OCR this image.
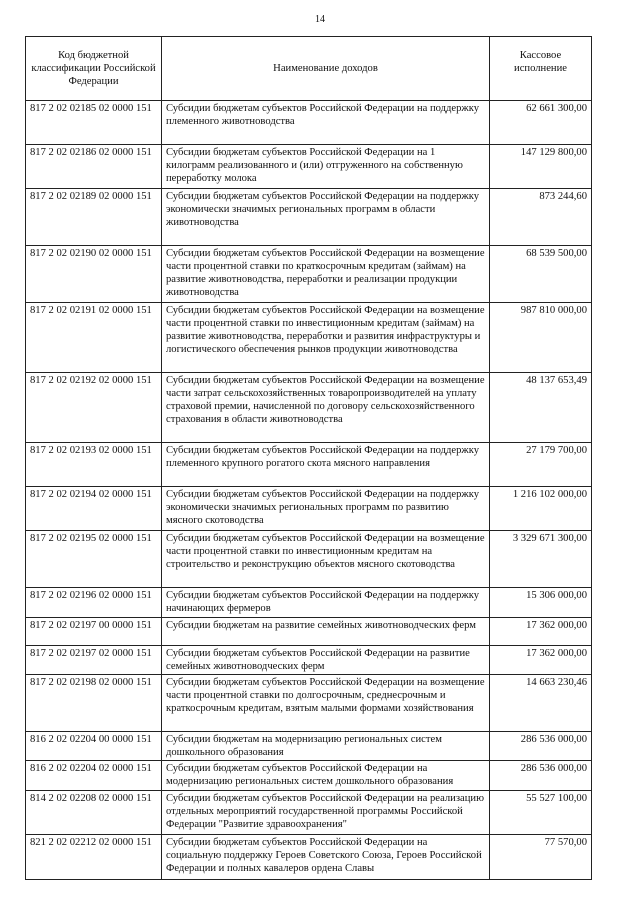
14
Код бюджетной классификации Российской Федерации	Наименование доходов	Кассовое исполнение
817 2 02 02185 02 0000 151	Субсидии бюджетам субъектов Российской Федерации на поддержку племенного животноводства	62 661 300,00
817 2 02 02186 02 0000 151	Субсидии бюджетам субъектов Российской Федерации на 1 килограмм реализованного и (или) отгруженного на собственную переработку молока	147 129 800,00
817 2 02 02189 02 0000 151	Субсидии бюджетам субъектов Российской Федерации на поддержку экономически значимых региональных программ в области животноводства	873 244,60
817 2 02 02190 02 0000 151	Субсидии бюджетам субъектов Российской Федерации на возмещение части процентной ставки по краткосрочным кредитам (займам) на развитие животноводства, переработки и реализации продукции животноводства	68 539 500,00
817 2 02 02191 02 0000 151	Субсидии бюджетам субъектов Российской Федерации на возмещение части процентной ставки по инвестиционным кредитам (займам) на развитие животноводства, переработки и развития инфраструктуры и логистического обеспечения рынков продукции животноводства	987 810 000,00
817 2 02 02192 02 0000 151	Субсидии бюджетам субъектов Российской Федерации на возмещение части затрат сельскохозяйственных товаропроизводителей на уплату страховой премии, начисленной по договору сельскохозяйственного страхования в области животноводства	48 137 653,49
817 2 02 02193 02 0000 151	Субсидии бюджетам субъектов Российской Федерации на поддержку племенного крупного рогатого скота мясного направления	27 179 700,00
817 2 02 02194 02 0000 151	Субсидии бюджетам субъектов Российской Федерации на поддержку экономически значимых региональных программ по развитию мясного скотоводства	1 216 102 000,00
817 2 02 02195 02 0000 151	Субсидии бюджетам субъектов Российской Федерации на возмещение части процентной ставки по инвестиционным кредитам на строительство и реконструкцию объектов мясного скотоводства	3 329 671 300,00
817 2 02 02196 02 0000 151	Субсидии бюджетам субъектов Российской Федерации на поддержку начинающих фермеров	15 306 000,00
817 2 02 02197 00 0000 151	Субсидии бюджетам на развитие семейных животноводческих ферм	17 362 000,00
817 2 02 02197 02 0000 151	Субсидии бюджетам субъектов Российской Федерации на развитие семейных животноводческих ферм	17 362 000,00
817 2 02 02198 02 0000 151	Субсидии бюджетам субъектов Российской Федерации на возмещение части процентной ставки по долгосрочным, среднесрочным и краткосрочным кредитам, взятым малыми формами хозяйствования	14 663 230,46
816 2 02 02204 00 0000 151	Субсидии бюджетам на модернизацию региональных систем дошкольного образования	286 536 000,00
816 2 02 02204 02 0000 151	Субсидии бюджетам субъектов Российской Федерации на модернизацию региональных систем дошкольного образования	286 536 000,00
814 2 02 02208 02 0000 151	Субсидии бюджетам субъектов Российской Федерации на реализацию отдельных мероприятий государственной программы Российской Федерации "Развитие здравоохранения"	55 527 100,00
821 2 02 02212 02 0000 151	Субсидии бюджетам субъектов Российской Федерации на социальную поддержку Героев Советского Союза, Героев Российской Федерации и полных кавалеров ордена Славы	77 570,00
